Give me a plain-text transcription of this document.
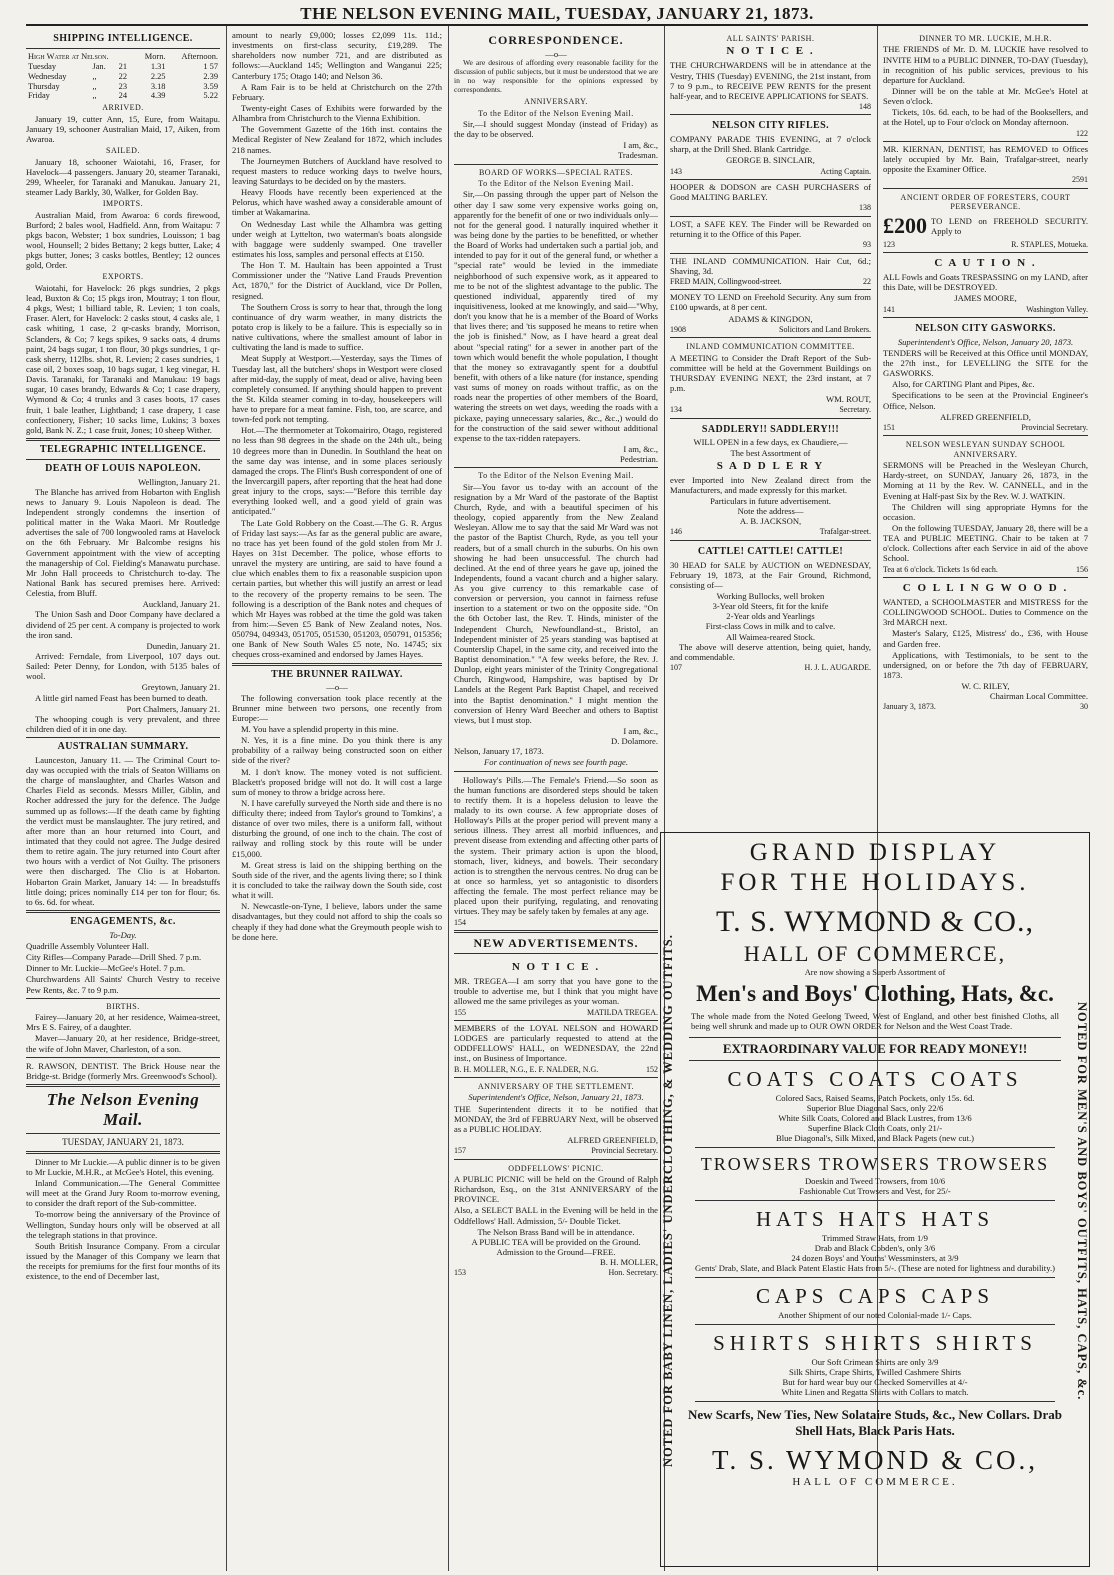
THE NELSON EVENING MAIL, TUESDAY, JANUARY 21, 1873.
SHIPPING INTELLIGENCE.
High Water at Nelson.			Morn.	Afternoon.
Tuesday	Jan.	21	1.31	1 57
Wednesday	,,	22	2.25	2.39
Thursday	,,	23	3.18	3.59
Friday	,,	24	4.39	5.22
ARRIVED.

January 19, cutter Ann, 15, Eure, from Waitapu. January 19, schooner Australian Maid, 17, Aiken, from Awaroa.

SAILED.

January 18, schooner Waiotahi, 16, Fraser, for Havelock—4 passengers. January 20, steamer Taranaki, 299, Wheeler, for Taranaki and Manukau. January 21, steamer Lady Barkly, 30, Walker, for Golden Bay.

IMPORTS.

Australian Maid, from Awaroa: 6 cords firewood, Burford; 2 bales wool, Hadfield. Ann, from Waitapu: 7 pkgs bacon, Webster; 1 box sundries, Louisson; 1 bag wool, Hounsell; 2 bides Bettany; 2 kegs butter, Lake; 4 pkgs butter, Jones; 3 casks bottles, Bentley; 12 ounces gold, Order.

EXPORTS.

Waiotahi, for Havelock: 26 pkgs sundries, 2 pkgs lead, Buxton & Co; 15 pkgs iron, Moutray; 1 ton flour, 4 pkgs, West; 1 billiard table, R. Levien; 1 ton coals, Fraser. Alert, for Havelock: 2 casks stout, 4 casks ale, 1 cask whiting, 1 case, 2 qr-casks brandy, Morrison, Sclanders, & Co; 7 kegs spikes, 9 sacks oats, 4 drums paint, 24 bags sugar, 1 ton flour, 30 pkgs sundries, 1 qr-cask sherry, 112lbs. shot, R. Levien; 2 cases sundries, 1 case oil, 2 boxes soap, 10 bags sugar, 1 keg vinegar, H. Davis. Taranaki, for Taranaki and Manukau: 19 bags sugar, 10 cases brandy, Edwards & Co; 1 case drapery, Wymond & Co; 4 trunks and 3 cases boots, 17 cases fruit, 1 bale leather, Lightband; 1 case drapery, 1 case confectionery, Fisher; 10 sacks lime, Lukins; 3 boxes gold, Bank N. Z.; 1 case fruit, Jones; 10 sheep Wither.

TELEGRAPHIC INTELLIGENCE.
DEATH OF LOUIS NAPOLEON.
Wellington, January 21.

The Blanche has arrived from Hobarton with English news to January 9. Louis Napoleon is dead. The Independent strongly condemns the insertion of political matter in the Waka Maori. Mr Routledge advertises the sale of 700 longwooled rams at Havelock on the 6th February. Mr Balcombe resigns his Government appointment with the view of accepting the managership of Col. Fielding's Manawatu purchase. Mr John Hall proceeds to Christchurch to-day. The National Bank has secured premises here. Arrived: Celestia, from Bluff.

Auckland, January 21.

The Union Sash and Door Company have declared a dividend of 25 per cent. A company is projected to work the iron sand.

Dunedin, January 21.

Arrived: Ferndale, from Liverpool, 107 days out. Sailed: Peter Denny, for London, with 5135 bales of wool.

Greytown, January 21.

A little girl named Feast has been burned to death.

Port Chalmers, January 21.

The whooping cough is very prevalent, and three children died of it in one day.

AUSTRALIAN SUMMARY.

Launceston, January 11. — The Criminal Court to-day was occupied with the trials of Seaton Williams on the charge of manslaughter, and Charles Watson and Charles Field as seconds. Messrs Miller, Giblin, and Rocher addressed the jury for the defence. The Judge summed up as follows:—If the death came by fighting the verdict must be manslaughter. The jury retired, and after more than an hour returned into Court, and intimated that they could not agree. The Judge desired them to retire again. The jury returned into Court after two hours with a verdict of Not Guilty. The prisoners were then discharged. The Clio is at Hobarton. Hobarton Grain Market, January 14: — In breadstuffs little doing; prices nominally £14 per ton for flour; 6s. to 6s. 6d. for wheat.

ENGAGEMENTS, &c.
To-Day.

Quadrille Assembly Volunteer Hall.

City Rifles—Company Parade—Drill Shed. 7 p.m.

Dinner to Mr. Luckie—McGee's Hotel. 7 p.m.

Churchwardens All Saints' Church Vestry to receive Pew Rents, &c. 7 to 9 p.m.

BIRTHS.

Fairey—January 20, at her residence, Waimea-street, Mrs E S. Fairey, of a daughter.

Maver—January 20, at her residence, Bridge-street, the wife of John Maver, Charleston, of a son.

R. RAWSON, DENTIST. The Brick House near the Bridge-st. Bridge (formerly Mrs. Greenwood's School).

The Nelson Evening Mail.
TUESDAY, JANUARY 21, 1873.

Dinner to Mr Luckie.—A public dinner is to be given to Mr Luckie, M.H.R., at McGee's Hotel, this evening.

Inland Communication.—The General Committee will meet at the Grand Jury Room to-morrow evening, to consider the draft report of the Sub-committee.

To-morrow being the anniversary of the Province of Wellington, Sunday hours only will be observed at all the telegraph stations in that province.

South British Insurance Company. From a circular issued by the Manager of this Company we learn that the receipts for premiums for the first four months of its existence, to the end of December last,

amount to nearly £9,000; losses £2,099 11s. 11d.; investments on first-class security, £19,289. The shareholders now number 721, and are distributed as follows:—Auckland 145; Wellington and Wanganui 225; Canterbury 175; Otago 140; and Nelson 36.

A Ram Fair is to be held at Christchurch on the 27th February.

Twenty-eight Cases of Exhibits were forwarded by the Alhambra from Christchurch to the Vienna Exhibition.

The Government Gazette of the 16th inst. contains the Medical Register of New Zealand for 1872, which includes 218 names.

The Journeymen Butchers of Auckland have resolved to request masters to reduce working days to twelve hours, leaving Saturdays to be decided on by the masters.

Heavy Floods have recently been experienced at the Pelorus, which have washed away a considerable amount of timber at Wakamarina.

On Wednesday Last while the Alhambra was getting under weigh at Lyttelton, two waterman's boats alongside with baggage were suddenly swamped. One traveller estimates his loss, samples and personal effects at £150.

The Hon T. M. Haultain has been appointed a Trust Commissioner under the "Native Land Frauds Prevention Act, 1870," for the District of Auckland, vice Dr Pollen, resigned.

The Southern Cross is sorry to hear that, through the long continuance of dry warm weather, in many districts the potato crop is likely to be a failure. This is especially so in native cultivations, where the smallest amount of labor in cultivating the land is made to suffice.

Meat Supply at Westport.—Yesterday, says the Times of Tuesday last, all the butchers' shops in Westport were closed after mid-day, the supply of meat, dead or alive, having been completely consumed. If anything should happen to prevent the St. Kilda steamer coming in to-day, housekeepers will have to prepare for a meat famine. Fish, too, are scarce, and town-fed pork not tempting.

Hot.—The thermometer at Tokomairiro, Otago, registered no less than 98 degrees in the shade on the 24th ult., being 10 degrees more than in Dunedin. In Southland the heat on the same day was intense, and in some places seriously damaged the crops. The Flint's Bush correspondent of one of the Invercargill papers, after reporting that the heat had done great injury to the crops, says:—"Before this terrible day everything looked well, and a good yield of grain was anticipated."

The Late Gold Robbery on the Coast.—The G. R. Argus of Friday last says:—As far as the general public are aware, no trace has yet been found of the gold stolen from Mr J. Hayes on 31st December. The police, whose efforts to unravel the mystery are untiring, are said to have found a clue which enables them to fix a reasonable suspicion upon certain parties, but whether this will justify an arrest or lead to the recovery of the property remains to be seen. The following is a description of the Bank notes and cheques of which Mr Hayes was robbed at the time the gold was taken from him:—Seven £5 Bank of New Zealand notes, Nos. 050794, 049343, 051705, 051530, 051203, 050791, 015356; one Bank of New South Wales £5 note, No. 14745; six cheques cross-examined and endorsed by James Hayes.

THE BRUNNER RAILWAY.
—o—

The following conversation took place recently at the Brunner mine between two persons, one recently from Europe:—

M. You have a splendid property in this mine.

N. Yes, it is a fine mine. Do you think there is any probability of a railway being constructed soon on either side of the river?

M. I don't know. The money voted is not sufficient. Blackett's proposed bridge will not do. It will cost a large sum of money to throw a bridge across here.

N. I have carefully surveyed the North side and there is no difficulty there; indeed from Taylor's ground to Tomkins', a distance of over two miles, there is a uniform fall, without disturbing the ground, of one inch to the chain. The cost of railway and rolling stock by this route will be under £15,000.

M. Great stress is laid on the shipping berthing on the South side of the river, and the agents living there; so I think it is concluded to take the railway down the South side, cost what it will.

N. Newcastle-on-Tyne, I believe, labors under the same disadvantages, but they could not afford to ship the coals so cheaply if they had done what the Greymouth people wish to be done here.

CORRESPONDENCE.
—o—

We are desirous of affording every reasonable facility for the discussion of public subjects, but it must be understood that we are in no way responsible for the opinions expressed by correspondents.

ANNIVERSARY.
To the Editor of the Nelson Evening Mail.

Sir,—I should suggest Monday (instead of Friday) as the day to be observed.

I am, &c.,
Tradesman.
BOARD OF WORKS—SPECIAL RATES.
To the Editor of the Nelson Evening Mail.

Sir,—On passing through the upper part of Nelson the other day I saw some very expensive works going on, apparently for the benefit of one or two individuals only—not for the general good. I naturally inquired whether it was being done by the parties to be benefitted, or whether the Board of Works had undertaken such a partial job, and intended to pay for it out of the general fund, or whether a "special rate" would be levied in the immediate neighborhood of such expensive work, as it appeared to me to be not of the slightest advantage to the public. The questioned individual, apparently tired of my inquisitiveness, looked at me knowingly, and said—"Why, don't you know that he is a member of the Board of Works that lives there; and 'tis supposed he means to retire when the job is finished." Now, as I have heard a great deal about "special rating" for a sewer in another part of the town which would benefit the whole population, I thought that the money so extravagantly spent for a doubtful benefit, with others of a like nature (for instance, spending vast sums of money on roads without traffic, as on the roads near the properties of other members of the Board, watering the streets on wet days, weeding the roads with a pickaxe, paying unnecessary salaries, &c., &c.,) would do for the construction of the said sewer without additional expense to the tax-ridden ratepayers.

I am, &c.,
Pedestrian.
To the Editor of the Nelson Evening Mail.

Sir—You favor us to-day with an account of the resignation by a Mr Ward of the pastorate of the Baptist Church, Ryde, and with a beautiful specimen of his theology, copied apparently from the New Zealand Wesleyan. Allow me to say that the said Mr Ward was not the pastor of the Baptist Church, Ryde, as you tell your readers, but of a small church in the suburbs. On his own showing he had been unsuccessful. The church had declined. At the end of three years he gave up, joined the Independents, found a vacant church and a higher salary. As you give currency to this remarkable case of conversion or perversion, you cannot in fairness refuse insertion to a statement or two on the opposite side. "On the 6th October last, the Rev. T. Hinds, minister of the Independent Church, Newfoundland-st., Bristol, an Independent minister of 25 years standing was baptised at Counterslip Chapel, in the same city, and received into the Baptist denomination." "A few weeks before, the Rev. J. Dunlop, eight years minister of the Trinity Congregational Church, Ringwood, Hampshire, was baptised by Dr Landels at the Regent Park Baptist Chapel, and received into the Baptist denomination." I might mention the conversion of Henry Ward Beecher and others to Baptist views, but I must stop.

I am, &c.,
D. Dolamore.

Nelson, January 17, 1873.

For continuation of news see fourth page.

Holloway's Pills.—The Female's Friend.—So soon as the human functions are disordered steps should be taken to rectify them. It is a hopeless delusion to leave the malady to its own course. A few appropriate doses of Holloway's Pills at the proper period will prevent many a serious illness. They arrest all morbid influences, and prevent disease from extending and affecting other parts of the system. Their primary action is upon the blood, stomach, liver, kidneys, and bowels. Their secondary action is to strengthen the nervous centres. No drug can be at once so harmless, yet so antagonistic to disorders affecting the female. The most perfect reliance may be placed upon their purifying, regulating, and renovating virtues. They may be safely taken by females at any age.

154
NEW ADVERTISEMENTS.
N O T I C E .

MR. TREGEA—I am sorry that you have gone to the trouble to advertise me, but I think that you might have allowed me the same privileges as your woman.

155	MATILDA TREGEA.

MEMBERS of the LOYAL NELSON and HOWARD LODGES are particularly requested to attend at the ODDFELLOWS' HALL, on WEDNESDAY, the 22nd inst., on Business of Importance.

B. H. MOLLER, N.G., E. F. NALDER, N.G.	152
ANNIVERSARY OF THE SETTLEMENT.
Superintendent's Office, Nelson, January 21, 1873.

THE Superintendent directs it to be notified that MONDAY, the 3rd of FEBRUARY Next, will be observed as a PUBLIC HOLIDAY.

ALFRED GREENFIELD,
157	Provincial Secretary.
ODDFELLOWS' PICNIC.

A PUBLIC PICNIC will be held on the Ground of Ralph Richardson, Esq., on the 31st ANNIVERSARY of the PROVINCE.

Also, a SELECT BALL in the Evening will be held in the Oddfellows' Hall. Admission, 5/- Double Ticket.

The Nelson Brass Band will be in attendance.
A PUBLIC TEA will be provided on the Ground.
Admission to the Ground—FREE.
B. H. MOLLER,
153	Hon. Secretary.
ALL SAINTS' PARISH.
N O T I C E .

THE CHURCHWARDENS will be in attendance at the Vestry, THIS (Tuesday) EVENING, the 21st instant, from 7 to 9 p.m., to RECEIVE PEW RENTS for the present half-year, and to RECEIVE APPLICATIONS for SEATS.

148
NELSON CITY RIFLES.

COMPANY PARADE THIS EVENING, at 7 o'clock sharp, at the Drill Shed. Blank Cartridge.

GEORGE B. SINCLAIR,
143	Acting Captain.

HOOPER & DODSON are CASH PURCHASERS of Good MALTING BARLEY.

138

LOST, a SAFE KEY. The Finder will be Rewarded on returning it to the Office of this Paper.

93

THE INLAND COMMUNICATION. Hair Cut, 6d.; Shaving, 3d.

FRED MAIN, Collingwood-street.	22

MONEY TO LEND on Freehold Security. Any sum from £100 upwards, at 8 per cent.

ADAMS & KINGDON,
1908	Solicitors and Land Brokers.
INLAND COMMUNICATION COMMITTEE.

A MEETING to Consider the Draft Report of the Sub-committee will be held at the Government Buildings on THURSDAY EVENING NEXT, the 23rd instant, at 7 p.m.

WM. ROUT,
134	Secretary.
SADDLERY!! SADDLERY!!!
WILL OPEN in a few days, ex Chaudiere,—
The best Assortment of
S A D D L E R Y

ever Imported into New Zealand direct from the Manufacturers, and made expressly for this market.

Particulars in future advertisement.
Note the address—
A. B. JACKSON,
146	Trafalgar-street.
CATTLE! CATTLE! CATTLE!

30 HEAD for SALE by AUCTION on WEDNESDAY, February 19, 1873, at the Fair Ground, Richmond, consisting of—

Working Bullocks, well broken
3-Year old Steers, fit for the knife
2-Year olds and Yearlings
First-class Cows in milk and to calve.
All Waimea-reared Stock.

The above will deserve attention, being quiet, handy, and commendable.

107	H. J. L. AUGARDE.
DINNER TO MR. LUCKIE, M.H.R.

THE FRIENDS of Mr. D. M. LUCKIE have resolved to INVITE HIM to a PUBLIC DINNER, TO-DAY (Tuesday), in recognition of his public services, previous to his departure for Auckland.

Dinner will be on the table at Mr. McGee's Hotel at Seven o'clock.

Tickets, 10s. 6d. each, to be had of the Booksellers, and at the Hotel, up to Four o'clock on Monday afternoon.

122

MR. KIERNAN, DENTIST, has REMOVED to Offices lately occupied by Mr. Bain, Trafalgar-street, nearly opposite the Examiner Office.

2591
ANCIENT ORDER OF FORESTERS, COURT PERSEVERANCE.
£200 TO LEND on FREEHOLD SECURITY. Apply to
123	R. STAPLES, Motueka.
C A U T I O N .

ALL Fowls and Goats TRESPASSING on my LAND, after this Date, will be DESTROYED.

JAMES MOORE,
141	Washington Valley.
NELSON CITY GASWORKS.
Superintendent's Office, Nelson, January 20, 1873.

TENDERS will be Received at this Office until MONDAY, the 27th inst., for LEVELLING the SITE for the GASWORKS.

Also, for CARTING Plant and Pipes, &c.

Specifications to be seen at the Provincial Engineer's Office, Nelson.

ALFRED GREENFIELD,
151	Provincial Secretary.
NELSON WESLEYAN SUNDAY SCHOOL ANNIVERSARY.

SERMONS will be Preached in the Wesleyan Church, Hardy-street, on SUNDAY, January 26, 1873, in the Morning at 11 by the Rev. W. CANNELL, and in the Evening at Half-past Six by the Rev. W. J. WATKIN.

The Children will sing appropriate Hymns for the occasion.

On the following TUESDAY, January 28, there will be a TEA and PUBLIC MEETING. Chair to be taken at 7 o'clock. Collections after each Service in aid of the above School.

Tea at 6 o'clock. Tickets 1s 6d each.	156
C O L L I N G W O O D .

WANTED, a SCHOOLMASTER and MISTRESS for the COLLINGWOOD SCHOOL. Duties to Commence on the 3rd MARCH next.

Master's Salary, £125, Mistress' do., £36, with House and Garden free.

Applications, with Testimonials, to be sent to the undersigned, on or before the 7th day of FEBRUARY, 1873.

W. C. RILEY,
Chairman Local Committee.
January 3, 1873.	30
NOTED FOR BABY LINEN, LADIES' UNDERCLOTHING, & WEDDING OUTFITS.	NOTED FOR MEN'S AND BOYS' OUTFITS, HATS, CAPS, &c.
GRAND DISPLAY
FOR THE HOLIDAYS.
T. S. WYMOND & CO.,
HALL OF COMMERCE,
Are now showing a Superb Assortment of
Men's and Boys' Clothing, Hats, &c.
The whole made from the Noted Geelong Tweed, West of England, and other best finished Cloths, all being well shrunk and made up to OUR OWN ORDER for Nelson and the West Coast Trade.
EXTRAORDINARY VALUE FOR READY MONEY!!
COATS COATS COATS
Colored Sacs, Raised Seams, Patch Pockets, only 15s. 6d.
Superior Blue Diagonal Sacs, only 22/6
White Silk Coats, Colored and Black Lustres, from 13/6
Superfine Black Cloth Coats, only 21/-
Blue Diagonal's, Silk Mixed, and Black Pagets (new cut.)
TROWSERS TROWSERS TROWSERS
Doeskin and Tweed Trowsers, from 10/6
Fashionable Cut Trowsers and Vest, for 25/-
HATS HATS HATS
Trimmed Straw Hats, from 1/9
Drab and Black Cobden's, only 3/6
24 dozen Boys' and Youths' Wessminsters, at 3/9
Gents' Drab, Slate, and Black Patent Elastic Hats from 5/-. (These are noted for lightness and durability.)
CAPS CAPS CAPS
Another Shipment of our noted Colonial-made 1/- Caps.
SHIRTS SHIRTS SHIRTS
Our Soft Crimean Shirts are only 3/9
Silk Shirts, Crape Shirts, Twilled Cashmere Shirts
But for hard wear buy our Checked Somervilles at 4/-
White Linen and Regatta Shirts with Collars to match.
New Scarfs, New Ties, New Solataire Studs, &c., New Collars. Drab Shell Hats, Black Paris Hats.
T. S. WYMOND & CO.,
HALL OF COMMERCE.
